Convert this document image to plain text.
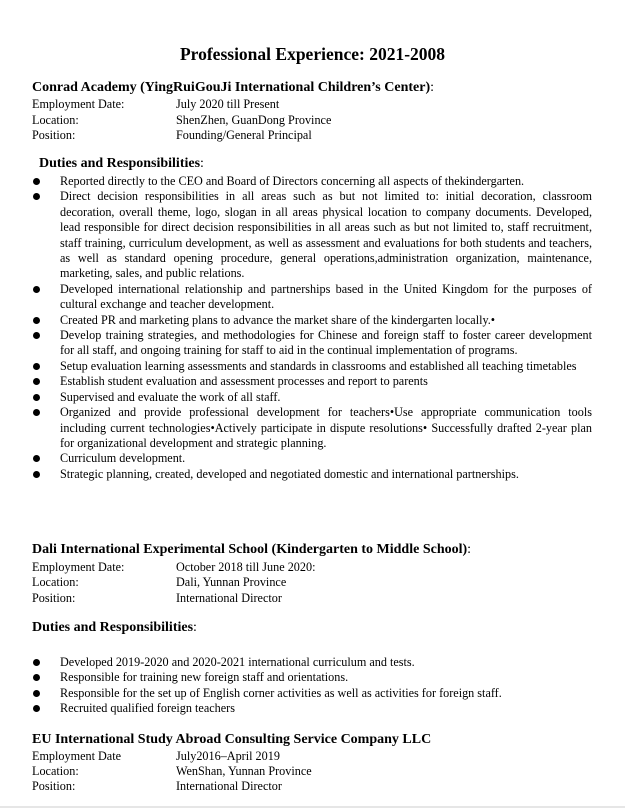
Professional Experience: 2021-2008
Conrad Academy (YingRuiGouJi International Children’s Center):
Employment Date:	July 2020 till Present
Location:	ShenZhen, GuanDong Province
Position:	Founding/General Principal
Duties and Responsibilities:
Reported directly to the CEO and Board of Directors concerning all aspects of thekindergarten.
Direct decision responsibilities in all areas such as but not limited to: initial decoration, classroom decoration, overall theme, logo, slogan in all areas physical location to company documents. Developed, lead responsible for direct decision responsibilities in all areas such as but not limited to, staff recruitment, staff training, curriculum development, as well as assessment and evaluations for both students and teachers, as well as standard opening procedure, general operations,administration organization, maintenance, marketing, sales, and public relations.
Developed international relationship and partnerships based in the United Kingdom for the purposes of cultural exchange and teacher development.
Created PR and marketing plans to advance the market share of the kindergarten locally.•
Develop training strategies, and methodologies for Chinese and foreign staff to foster career development for all staff, and ongoing training for staff to aid in the continual implementation of programs.
Setup evaluation learning assessments and standards in classrooms and established all teaching timetables
Establish student evaluation and assessment processes and report to parents
Supervised and evaluate the work of all staff.
Organized and provide professional development for teachers•Use appropriate communication tools including current technologies•Actively participate in dispute resolutions• Successfully drafted 2-year plan for organizational development and strategic planning.
Curriculum development.
Strategic planning, created, developed and negotiated domestic and international partnerships.
Dali International Experimental School (Kindergarten to Middle School):
Employment Date:	October 2018 till June 2020:
Location:	Dali, Yunnan Province
Position:	International Director
Duties and Responsibilities:
Developed 2019-2020 and 2020-2021 international curriculum and tests.
Responsible for training new foreign staff and orientations.
Responsible for the set up of English corner activities as well as activities for foreign staff.
Recruited qualified foreign teachers
EU International Study Abroad Consulting Service Company LLC
Employment Date	July2016–April 2019
Location:	WenShan, Yunnan Province
Position:	International Director
